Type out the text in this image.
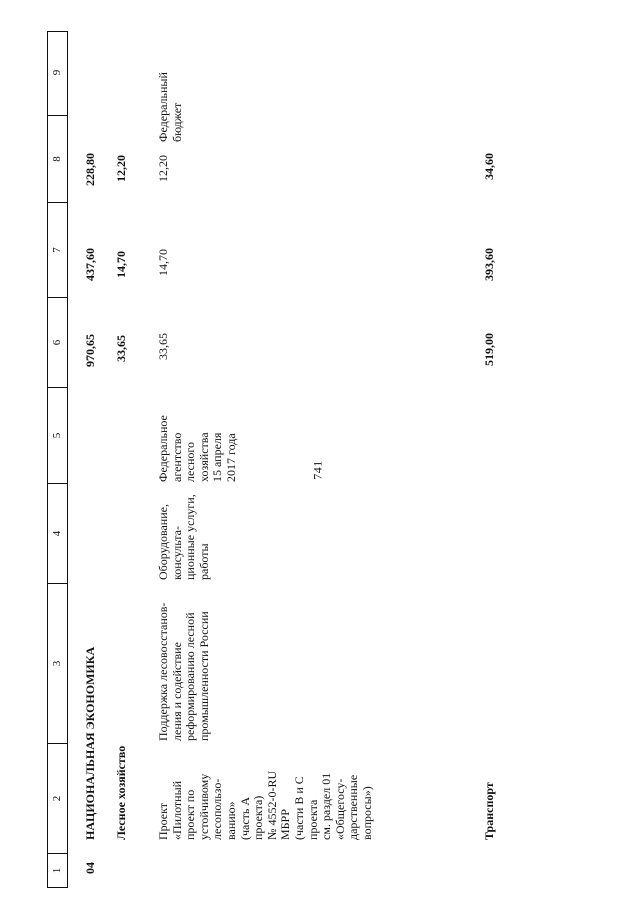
741
1
2
3
4
5
6
7
8
9
04
НАЦИОНАЛЬНАЯ ЭКОНОМИКА
970,65
437,60
228,80
Лесное хозяйство
33,65
14,70
12,20
Проект
«Пилотный
проект по
устойчивому
лесопользо-
ванию»
(часть А
проекта)
№ 4552-0-RU
МБРР
(части В и С
проекта
см. раздел 01
«Общегосу-
дарственные
вопросы»)
Поддержка лесовосстанов-
ления и содействие
реформированию лесной
промышленности России
Оборудование,
консульта-
ционные услуги,
работы
Федеральное
агентство
лесного
хозяйства
15 апреля
2017 года
33,65
14,70
12,20
Федеральный
бюджет
Транспорт
519,00
393,60
34,60
